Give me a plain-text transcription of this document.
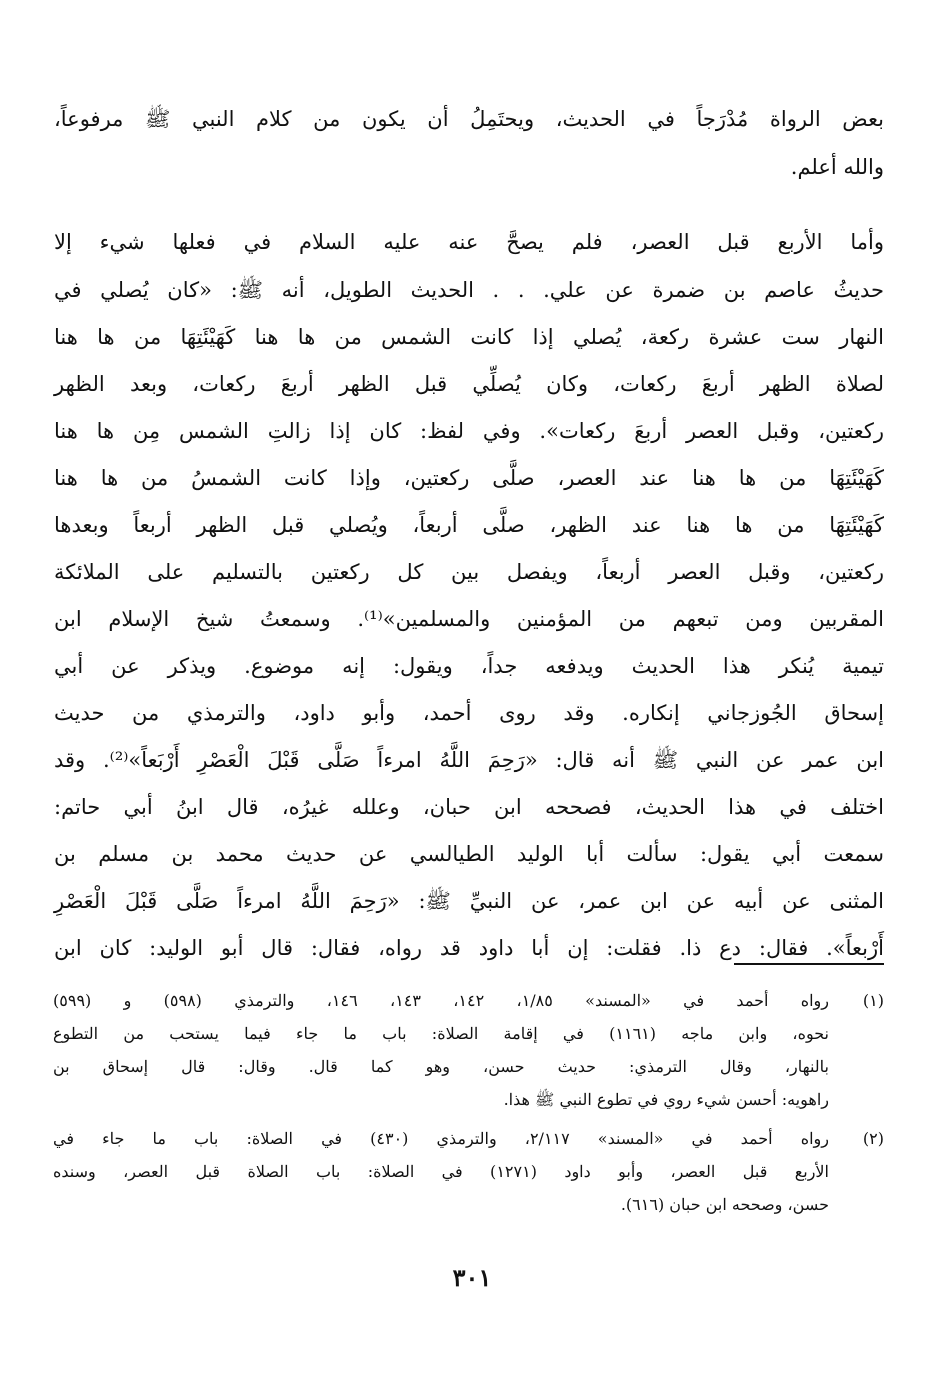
بعض الرواة مُدْرَجاً في الحديث، ويحتَمِلُ أن يكون من كلام النبي ﷺ مرفوعاً،
والله أعلم.
وأما الأربع قبل العصر، فلم يصحَّ عنه عليه السلام في فعلها شيء إلا
حديثُ عاصم بن ضمرة عن علي. . . الحديث الطويل، أنه ﷺ: «كان يُصلي في
النهار ست عشرة ركعة، يُصلي إذا كانت الشمس من ها هنا كَهَيْئَتِهَا من ها هنا
لصلاة الظهر أربعَ ركعات، وكان يُصلِّي قبل الظهر أربعَ ركعات، وبعد الظهر
ركعتين، وقبل العصر أربعَ ركعات». وفي لفظ: كان إذا زالتِ الشمس مِن ها هنا
كَهَيْئَتِهَا من ها هنا عند العصر، صلَّى ركعتين، وإذا كانت الشمسُ من ها هنا
كَهَيْئَتِهَا من ها هنا عند الظهر، صلَّى أربعاً، ويُصلي قبل الظهر أربعاً وبعدها
ركعتين، وقبل العصر أربعاً، ويفصل بين كل ركعتين بالتسليم على الملائكة
المقربين ومن تبعهم من المؤمنين والمسلمين»⁽¹⁾. وسمعتُ شيخ الإسلام ابن
تيمية يُنكر هذا الحديث ويدفعه جداً، ويقول: إنه موضوع. ويذكر عن أبي
إسحاق الجُوزجاني إنكاره. وقد روى أحمد، وأبو داود، والترمذي من حديث
ابن عمر عن النبي ﷺ أنه قال: «رَحِمَ اللَّهُ امرءاً صَلَّى قَبْلَ الْعَصْرِ أَرْبَعاً»⁽²⁾. وقد
اختلف في هذا الحديث، فصححه ابن حبان، وعلله غيرُه، قال ابنُ أبي حاتم:
سمعت أبي يقول: سألت أبا الوليد الطيالسي عن حديث محمد بن مسلم بن
المثنى عن أبيه عن ابن عمر، عن النبيِّ ﷺ: «رَحِمَ اللَّهُ امرءاً صَلَّى قَبْلَ الْعَصْرِ
أَرْبعاً». فقال: دع ذا. فقلت: إن أبا داود قد رواه، فقال: قال أبو الوليد: كان ابن
(١)
رواه أحمد في «المسند» ١/٨٥، ١٤٢، ١٤٣، ١٤٦، والترمذي (٥٩٨) و (٥٩٩)
نحوه، وابن ماجه (١١٦١) في إقامة الصلاة: باب ما جاء فيما يستحب من التطوع
بالنهار، وقال الترمذي: حديث حسن، وهو كما قال. وقال: قال إسحاق بن
راهويه: أحسن شيء روي في تطوع النبي ﷺ هذا.
(٢)
رواه أحمد في «المسند» ٢/١١٧، والترمذي (٤٣٠) في الصلاة: باب ما جاء في
الأربع قبل العصر، وأبو داود (١٢٧١) في الصلاة: باب الصلاة قبل العصر، وسنده
حسن، وصححه ابن حبان (٦١٦).
٣٠١
